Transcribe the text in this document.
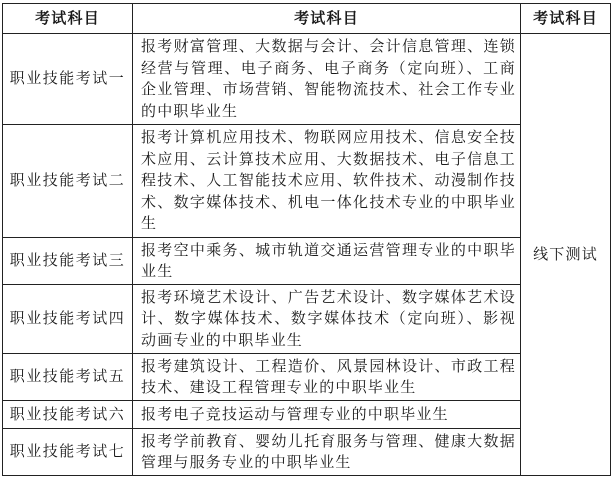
考试科目	考试科目	考试科目
职业技能考试一	报考财富管理、大数据与会计、会计信息管理、连锁经营与管理、电子商务、电子商务（定向班）、工商企业管理、市场营销、智能物流技术、社会工作专业的中职毕业生	线下测试
职业技能考试二	报考计算机应用技术、物联网应用技术、信息安全技术应用、云计算技术应用、大数据技术、电子信息工程技术、人工智能技术应用、软件技术、动漫制作技术、数字媒体技术、机电一体化技术专业的中职毕业生	
职业技能考试三	报考空中乘务、城市轨道交通运营管理专业的中职毕业生	
职业技能考试四	报考环境艺术设计、广告艺术设计、数字媒体艺术设计、数字媒体技术、数字媒体技术（定向班）、影视动画专业的中职毕业生	
职业技能考试五	报考建筑设计、工程造价、风景园林设计、市政工程技术、建设工程管理专业的中职毕业生	
职业技能考试六	报考电子竞技运动与管理专业的中职毕业生	
职业技能考试七	报考学前教育、婴幼儿托育服务与管理、健康大数据管理与服务专业的中职毕业生	
